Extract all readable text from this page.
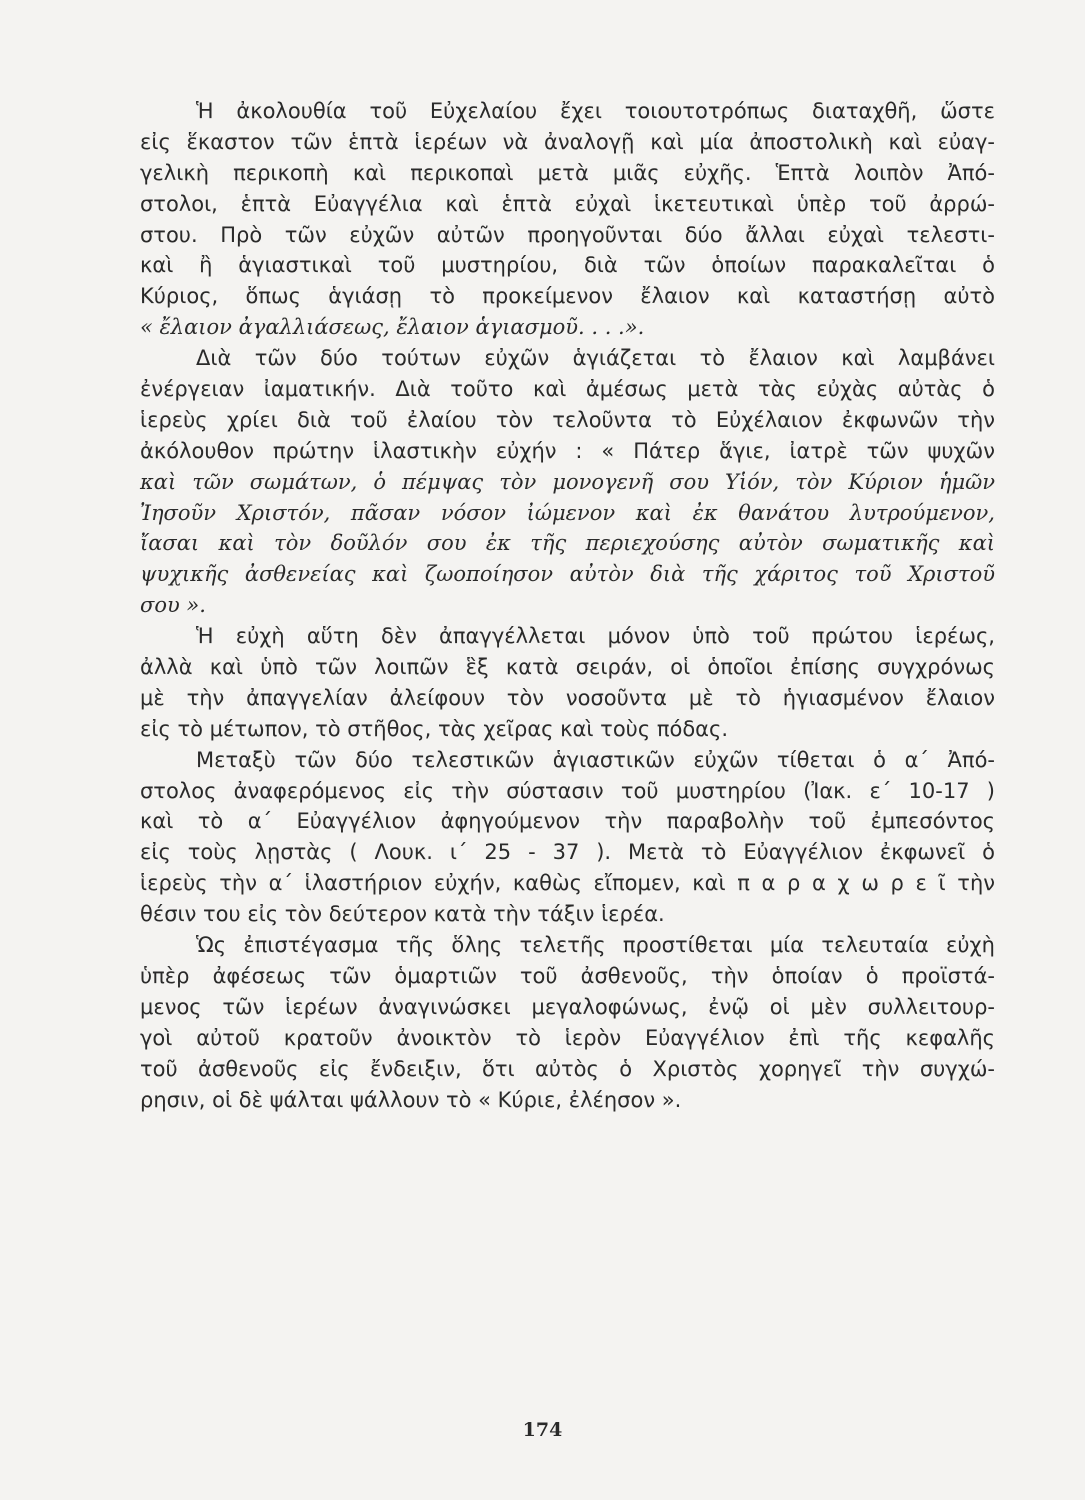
Ἡ ἀκολουθία τοῦ Εὐχελαίου ἔχει τοιουτοτρόπως διαταχθῆ, ὥστε
εἰς ἕκαστον τῶν ἑπτὰ ἱερέων νὰ ἀναλογῇ καὶ μία ἀποστολικὴ καὶ εὐαγ-
γελικὴ περικοπὴ καὶ περικοπαὶ μετὰ μιᾶς εὐχῆς. Ἑπτὰ λοιπὸν Ἀπό-
στολοι, ἑπτὰ Εὐαγγέλια καὶ ἑπτὰ εὐχαὶ ἱκετευτικαὶ ὑπὲρ τοῦ ἀρρώ-
στου. Πρὸ τῶν εὐχῶν αὐτῶν προηγοῦνται δύο ἄλλαι εὐχαὶ τελεστι-
καὶ ἢ ἁγιαστικαὶ τοῦ μυστηρίου, διὰ τῶν ὁποίων παρακαλεῖται ὁ
Κύριος, ὅπως ἁγιάσῃ τὸ προκείμενον ἔλαιον καὶ καταστήσῃ αὐτὸ
« ἔλαιον ἀγαλλιάσεως, ἔλαιον ἁγιασμοῦ. . . .».
Διὰ τῶν δύο τούτων εὐχῶν ἁγιάζεται τὸ ἔλαιον καὶ λαμβάνει
ἐνέργειαν ἰαματικήν. Διὰ τοῦτο καὶ ἀμέσως μετὰ τὰς εὐχὰς αὐτὰς ὁ
ἱερεὺς χρίει διὰ τοῦ ἐλαίου τὸν τελοῦντα τὸ Εὐχέλαιον ἐκφωνῶν τὴν
ἀκόλουθον πρώτην ἱλαστικὴν εὐχήν : « Πάτερ ἅγιε, ἰατρὲ τῶν ψυχῶν
καὶ τῶν σωμάτων, ὁ πέμψας τὸν μονογενῆ σου Υἱόν, τὸν Κύριον ἡμῶν
Ἰησοῦν Χριστόν, πᾶσαν νόσον ἰώμενον καὶ ἐκ θανάτου λυτρούμενον,
ἴασαι καὶ τὸν δοῦλόν σου ἐκ τῆς περιεχούσης αὐτὸν σωματικῆς καὶ
ψυχικῆς ἀσθενείας καὶ ζωοποίησον αὐτὸν διὰ τῆς χάριτος τοῦ Χριστοῦ
σου ».
Ἡ εὐχὴ αὕτη δὲν ἀπαγγέλλεται μόνον ὑπὸ τοῦ πρώτου ἱερέως,
ἀλλὰ καὶ ὑπὸ τῶν λοιπῶν ἓξ κατὰ σειράν, οἱ ὁποῖοι ἐπίσης συγχρόνως
μὲ τὴν ἀπαγγελίαν ἀλείφουν τὸν νοσοῦντα μὲ τὸ ἡγιασμένον ἔλαιον
εἰς τὸ μέτωπον, τὸ στῆθος, τὰς χεῖρας καὶ τοὺς πόδας.
Μεταξὺ τῶν δύο τελεστικῶν ἁγιαστικῶν εὐχῶν τίθεται ὁ α΄ Ἀπό-
στολος ἀναφερόμενος εἰς τὴν σύστασιν τοῦ μυστηρίου (Ἰακ. ε΄ 10-17 )
καὶ τὸ α΄ Εὐαγγέλιον ἀφηγούμενον τὴν παραβολὴν τοῦ ἐμπεσόντος
εἰς τοὺς λῃστὰς ( Λουκ. ι΄ 25 - 37 ). Μετὰ τὸ Εὐαγγέλιον ἐκφωνεῖ ὁ
ἱερεὺς τὴν α΄ ἱλαστήριον εὐχήν, καθὼς εἴπομεν, καὶ π α ρ α χ ω ρ ε ῖ τὴν
θέσιν του εἰς τὸν δεύτερον κατὰ τὴν τάξιν ἱερέα.
Ὡς ἐπιστέγασμα τῆς ὅλης τελετῆς προστίθεται μία τελευταία εὐχὴ
ὑπὲρ ἀφέσεως τῶν ὁμαρτιῶν τοῦ ἀσθενοῦς, τὴν ὁποίαν ὁ προϊστά-
μενος τῶν ἱερέων ἀναγινώσκει μεγαλοφώνως, ἐνῷ οἱ μὲν συλλειτουρ-
γοὶ αὐτοῦ κρατοῦν ἀνοικτὸν τὸ ἱερὸν Εὐαγγέλιον ἐπὶ τῆς κεφαλῆς
τοῦ ἀσθενοῦς εἰς ἔνδειξιν, ὅτι αὐτὸς ὁ Χριστὸς χορηγεῖ τὴν συγχώ-
ρησιν, οἱ δὲ ψάλται ψάλλουν τὸ « Κύριε, ἐλέησον ».
174
